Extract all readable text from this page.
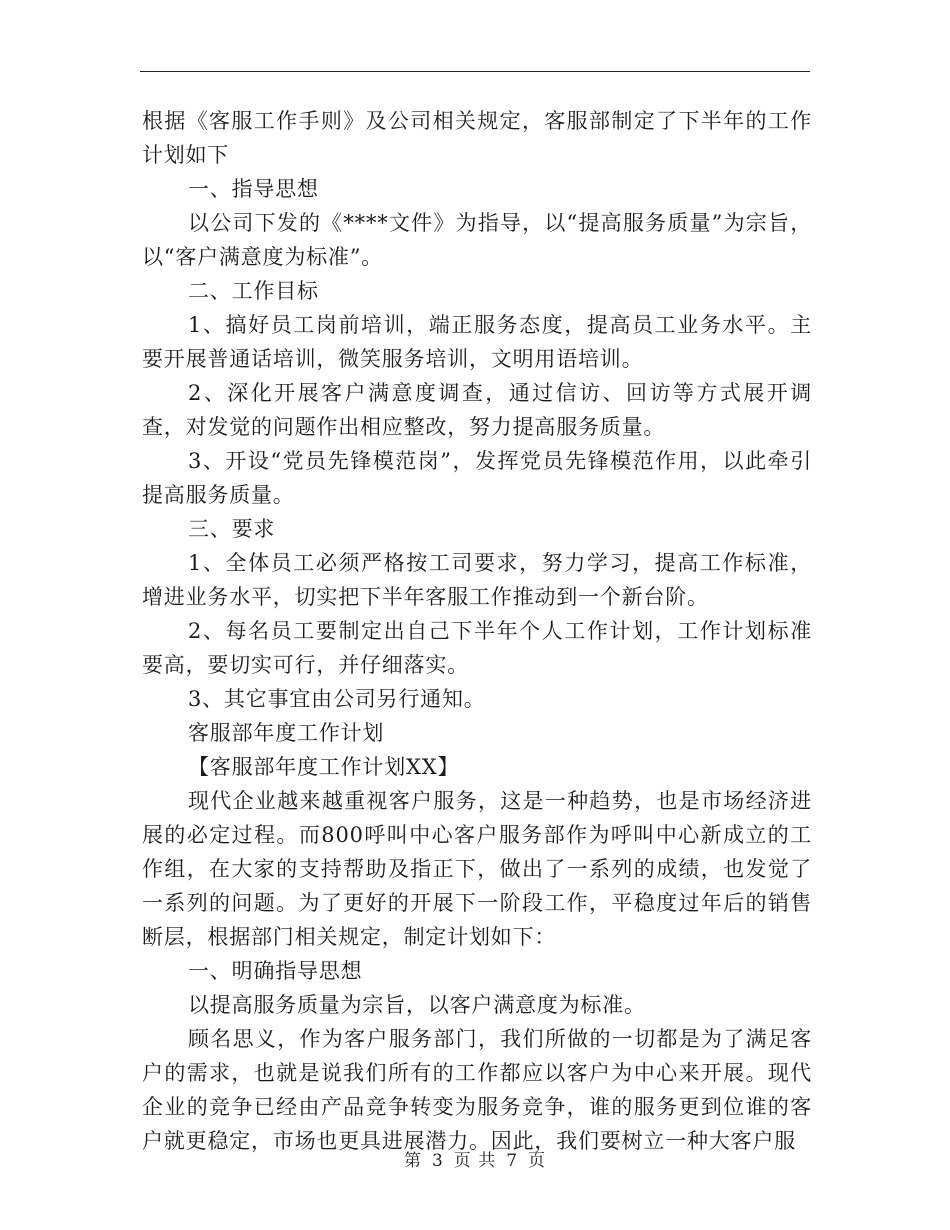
根据《客服工作手则》及公司相关规定，客服部制定了下半年的工作计划如下

一、指导思想

以公司下发的《****文件》为指导，以“提高服务质量”为宗旨，以“客户满意度为标准”。

二、工作目标

1、搞好员工岗前培训，端正服务态度，提高员工业务水平。主要开展普通话培训，微笑服务培训，文明用语培训。

2、深化开展客户满意度调查，通过信访、回访等方式展开调查，对发觉的问题作出相应整改，努力提高服务质量。

3、开设“党员先锋模范岗”，发挥党员先锋模范作用，以此牵引提高服务质量。

三、要求

1、全体员工必须严格按工司要求，努力学习，提高工作标准，增进业务水平，切实把下半年客服工作推动到一个新台阶。

2、每名员工要制定出自己下半年个人工作计划，工作计划标准要高，要切实可行，并仔细落实。

3、其它事宜由公司另行通知。

客服部年度工作计划

【客服部年度工作计划XX】

现代企业越来越重视客户服务，这是一种趋势，也是市场经济进展的必定过程。而800呼叫中心客户服务部作为呼叫中心新成立的工作组，在大家的支持帮助及指正下，做出了一系列的成绩，也发觉了一系列的问题。为了更好的开展下一阶段工作，平稳度过年后的销售断层，根据部门相关规定，制定计划如下：

一、明确指导思想

以提高服务质量为宗旨，以客户满意度为标准。

顾名思义，作为客户服务部门，我们所做的一切都是为了满足客户的需求，也就是说我们所有的工作都应以客户为中心来开展。现代企业的竞争已经由产品竞争转变为服务竞争，谁的服务更到位谁的客户就更稳定，市场也更具进展潜力。因此，我们要树立一种大客户服

第 3 页 共 7 页
